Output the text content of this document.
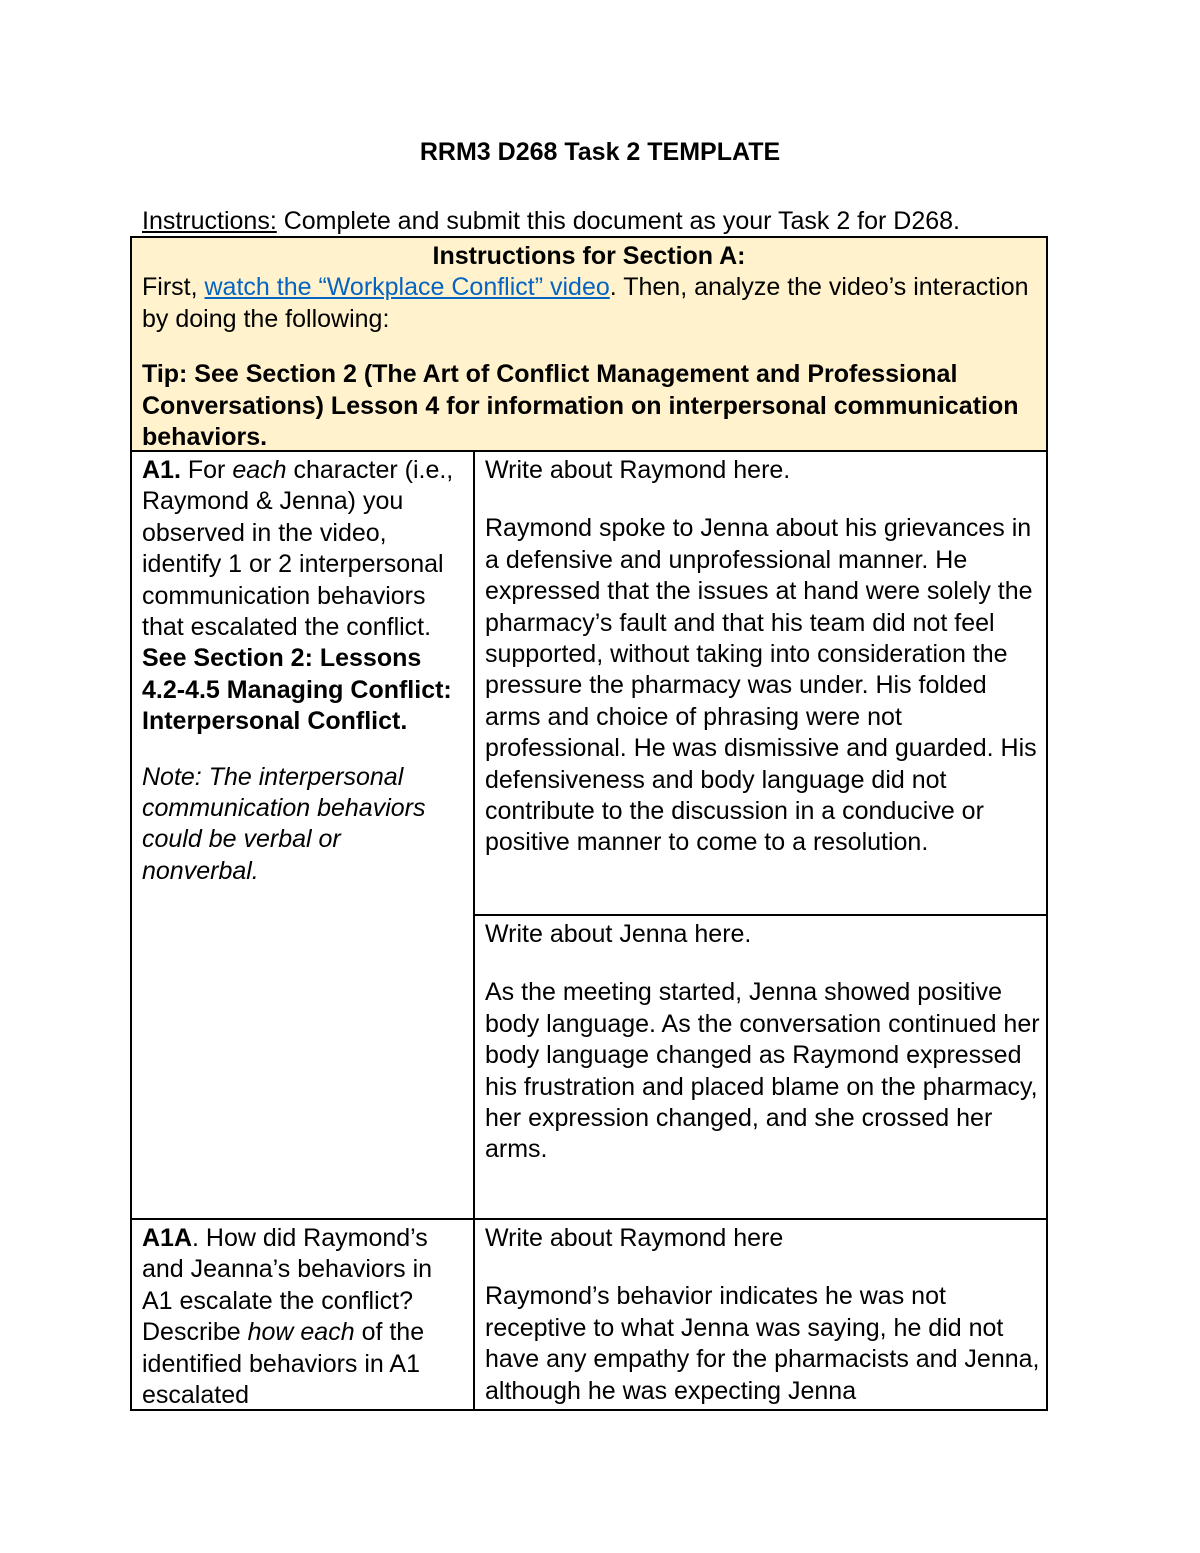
RRM3 D268 Task 2 TEMPLATE
Instructions: Complete and submit this document as your Task 2 for D268.
Instructions for Section A:
First, watch the “Workplace Conflict” video. Then, analyze the video’s interaction by doing the following:
Tip: See Section 2 (The Art of Conflict Management and Professional Conversations) Lesson 4 for information on interpersonal communication behaviors.
A1. For each character (i.e., Raymond & Jenna) you observed in the video, identify 1 or 2 interpersonal communication behaviors that escalated the conflict.
See Section 2: Lessons 4.2-4.5 Managing Conflict: Interpersonal Conflict.
Note: The interpersonal communication behaviors could be verbal or nonverbal.
Write about Raymond here.
Raymond spoke to Jenna about his grievances in a defensive and unprofessional manner. He expressed that the issues at hand were solely the pharmacy’s fault and that his team did not feel supported, without taking into consideration the pressure the pharmacy was under. His folded arms and choice of phrasing were not professional. He was dismissive and guarded. His defensiveness and body language did not contribute to the discussion in a conducive or positive manner to come to a resolution.
Write about Jenna here.
As the meeting started, Jenna showed positive body language. As the conversation continued her body language changed as Raymond expressed his frustration and placed blame on the pharmacy, her expression changed, and she crossed her arms.
A1A. How did Raymond’s and Jeanna’s behaviors in A1 escalate the conflict? Describe how each of the identified behaviors in A1 escalated
Write about Raymond here
Raymond’s behavior indicates he was not receptive to what Jenna was saying, he did not have any empathy for the pharmacists and Jenna, although he was expecting Jenna
